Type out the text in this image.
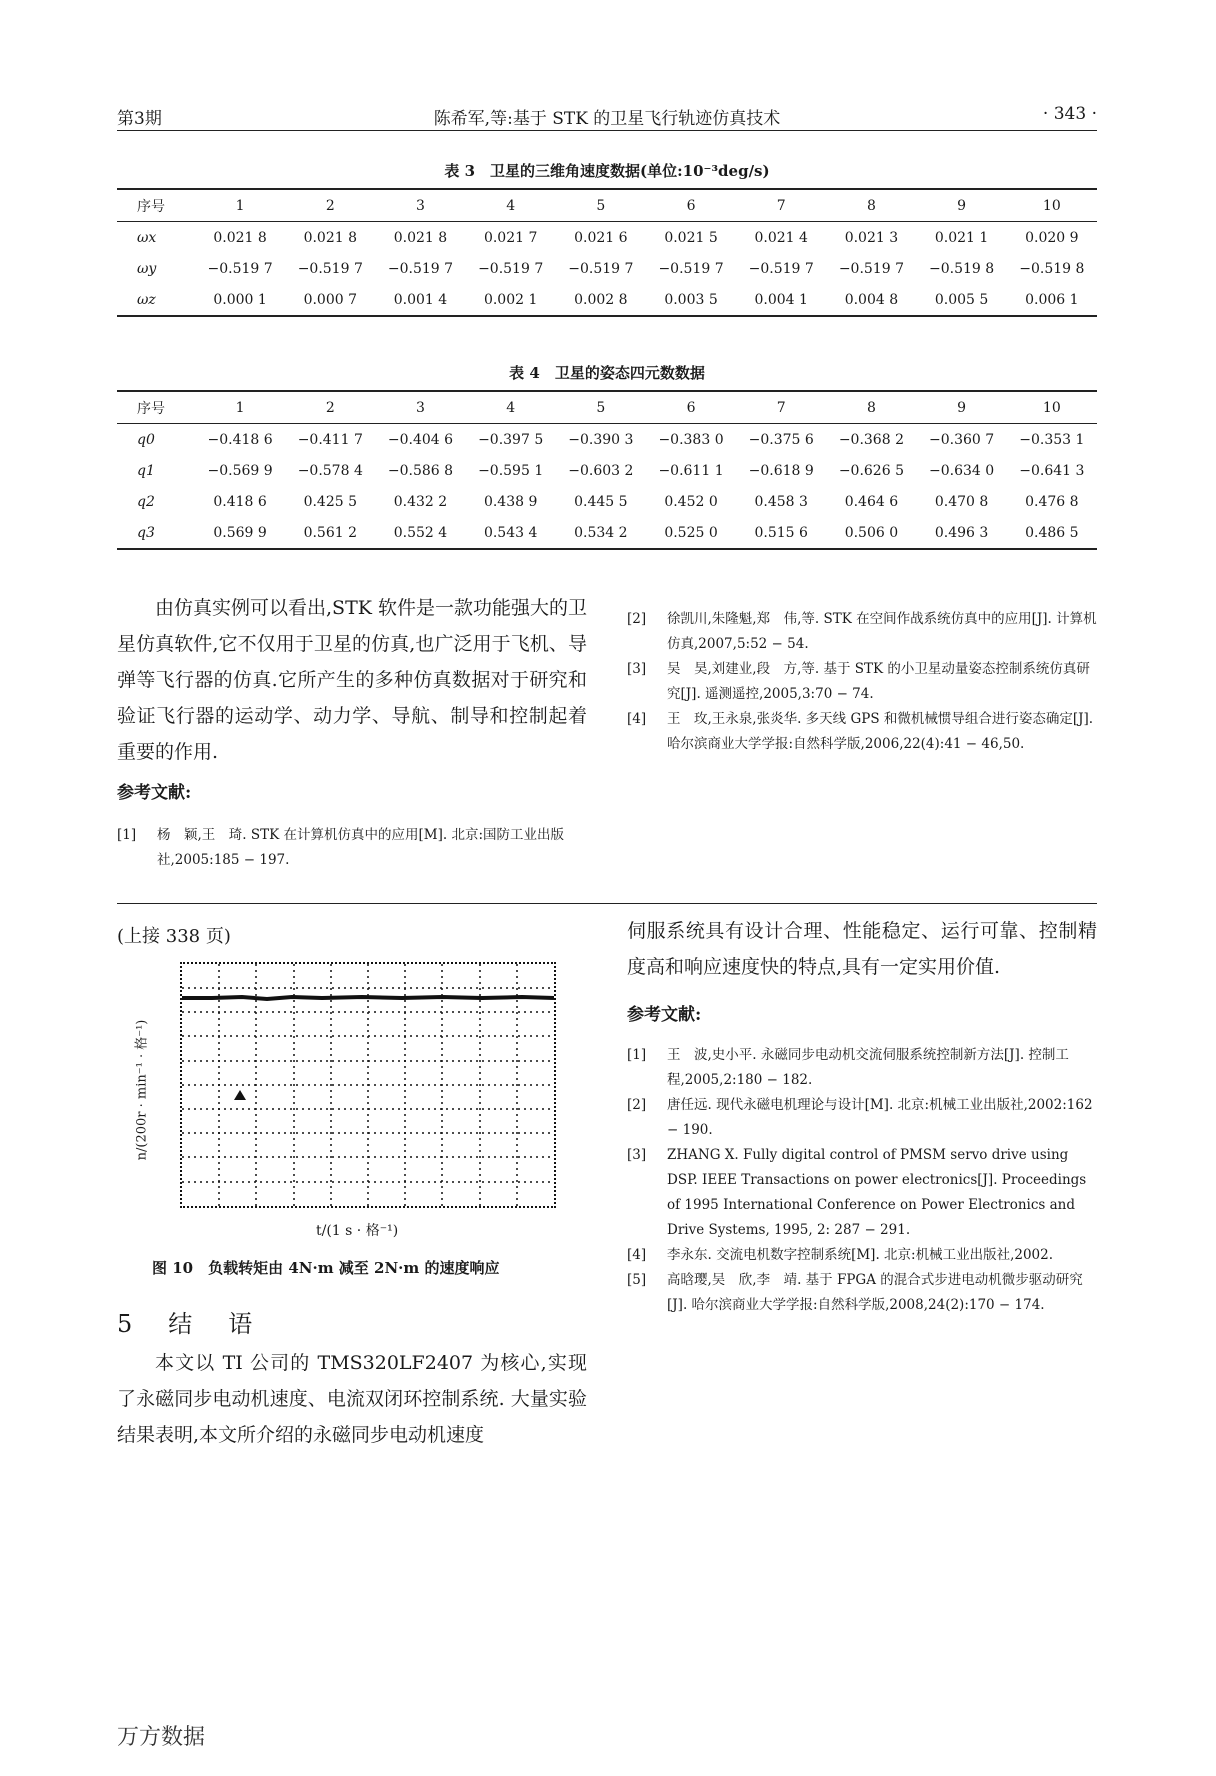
第3期	陈希军,等:基于 STK 的卫星飞行轨迹仿真技术	· 343 ·
表 3　卫星的三维角速度数据(单位:10⁻³deg/s)
序号	1	2	3	4	5	6	7	8	9	10
ωx	0.021 8	0.021 8	0.021 8	0.021 7	0.021 6	0.021 5	0.021 4	0.021 3	0.021 1	0.020 9
ωy	−0.519 7	−0.519 7	−0.519 7	−0.519 7	−0.519 7	−0.519 7	−0.519 7	−0.519 7	−0.519 8	−0.519 8
ωz	0.000 1	0.000 7	0.001 4	0.002 1	0.002 8	0.003 5	0.004 1	0.004 8	0.005 5	0.006 1
表 4　卫星的姿态四元数数据
序号	1	2	3	4	5	6	7	8	9	10
q0	−0.418 6	−0.411 7	−0.404 6	−0.397 5	−0.390 3	−0.383 0	−0.375 6	−0.368 2	−0.360 7	−0.353 1
q1	−0.569 9	−0.578 4	−0.586 8	−0.595 1	−0.603 2	−0.611 1	−0.618 9	−0.626 5	−0.634 0	−0.641 3
q2	0.418 6	0.425 5	0.432 2	0.438 9	0.445 5	0.452 0	0.458 3	0.464 6	0.470 8	0.476 8
q3	0.569 9	0.561 2	0.552 4	0.543 4	0.534 2	0.525 0	0.515 6	0.506 0	0.496 3	0.486 5
由仿真实例可以看出,STK 软件是一款功能强大的卫星仿真软件,它不仅用于卫星的仿真,也广泛用于飞机、导弹等飞行器的仿真.它所产生的多种仿真数据对于研究和验证飞行器的运动学、动力学、导航、制导和控制起着重要的作用.
参考文献:
[1]	杨　颖,王　琦. STK 在计算机仿真中的应用[M]. 北京:国防工业出版社,2005:185 − 197.
[2]	徐凯川,朱隆魁,郑　伟,等. STK 在空间作战系统仿真中的应用[J]. 计算机仿真,2007,5:52 − 54.
[3]	吴　昊,刘建业,段　方,等. 基于 STK 的小卫星动量姿态控制系统仿真研究[J]. 遥测遥控,2005,3:70 − 74.
[4]	王　玫,王永泉,张炎华. 多天线 GPS 和微机械惯导组合进行姿态确定[J]. 哈尔滨商业大学学报:自然科学版,2006,22(4):41 − 46,50.
(上接 338 页)
n/(200r · min⁻¹ · 格⁻¹)
t/(1 s · 格⁻¹)
图 10　负载转矩由 4N·m 减至 2N·m 的速度响应
5　结　语
本文以 TI 公司的 TMS320LF2407 为核心,实现了永磁同步电动机速度、电流双闭环控制系统. 大量实验结果表明,本文所介绍的永磁同步电动机速度
伺服系统具有设计合理、性能稳定、运行可靠、控制精度高和响应速度快的特点,具有一定实用价值.
参考文献:
[1]	王　波,史小平. 永磁同步电动机交流伺服系统控制新方法[J]. 控制工程,2005,2:180 − 182.
[2]	唐任远. 现代永磁电机理论与设计[M]. 北京:机械工业出版社,2002:162 − 190.
[3]	ZHANG X. Fully digital control of PMSM servo drive using DSP. IEEE Transactions on power electronics[J]. Proceedings of 1995 International Conference on Power Electronics and Drive Systems, 1995, 2: 287 − 291.
[4]	李永东. 交流电机数字控制系统[M]. 北京:机械工业出版社,2002.
[5]	高晗璎,吴　欣,李　靖. 基于 FPGA 的混合式步进电动机微步驱动研究[J]. 哈尔滨商业大学学报:自然科学版,2008,24(2):170 − 174.
万方数据
